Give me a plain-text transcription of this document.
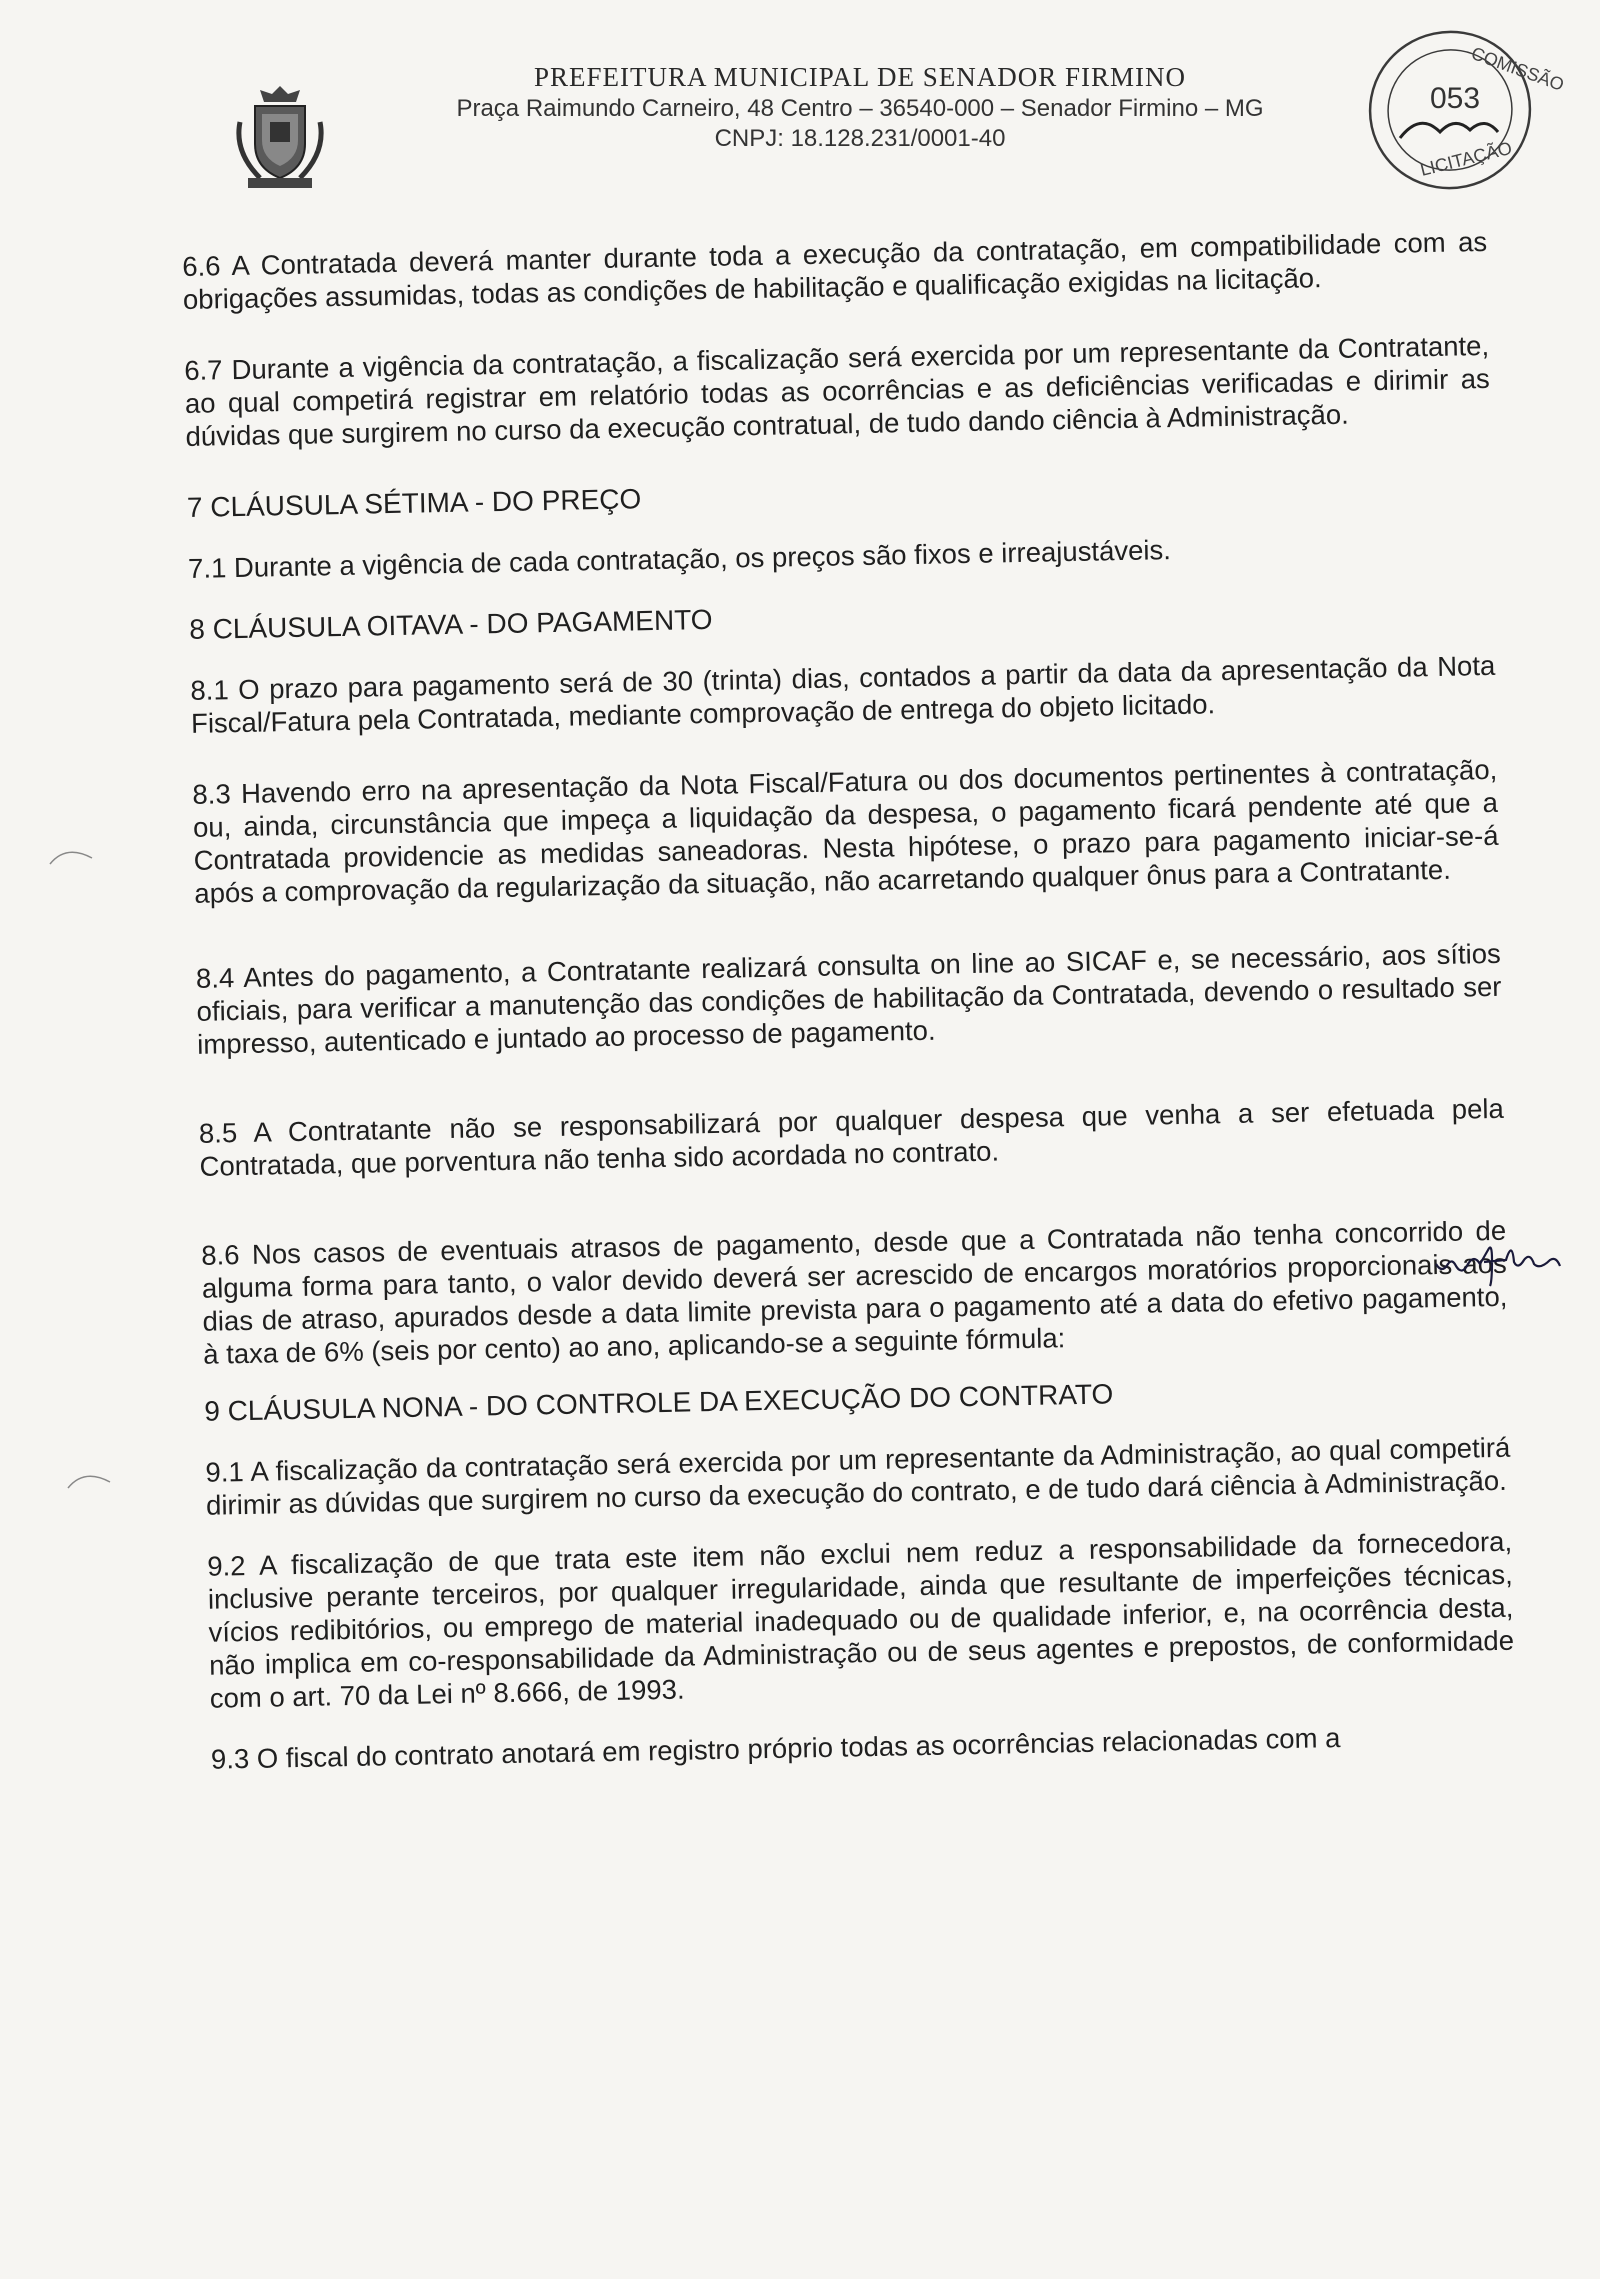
PREFEITURA MUNICIPAL DE SENADOR FIRMINO
Praça Raimundo Carneiro, 48 Centro – 36540-000 – Senador Firmino – MG
CNPJ: 18.128.231/0001-40
COMISSÃO
053
LICITAÇÃO

6.6 A Contratada deverá manter durante toda a execução da contratação, em compatibilidade com as obrigações assumidas, todas as condições de habilitação e qualificação exigidas na licitação.

6.7 Durante a vigência da contratação, a fiscalização será exercida por um representante da Contratante, ao qual competirá registrar em relatório todas as ocorrências e as deficiências verificadas e dirimir as dúvidas que surgirem no curso da execução contratual, de tudo dando ciência à Administração.

7 CLÁUSULA SÉTIMA - DO PREÇO

7.1 Durante a vigência de cada contratação, os preços são fixos e irreajustáveis.

8 CLÁUSULA OITAVA - DO PAGAMENTO

8.1 O prazo para pagamento será de 30 (trinta) dias, contados a partir da data da apresentação da Nota Fiscal/Fatura pela Contratada, mediante comprovação de entrega do objeto licitado.

8.3 Havendo erro na apresentação da Nota Fiscal/Fatura ou dos documentos pertinentes à contratação, ou, ainda, circunstância que impeça a liquidação da despesa, o pagamento ficará pendente até que a Contratada providencie as medidas saneadoras. Nesta hipótese, o prazo para pagamento iniciar-se-á após a comprovação da regularização da situação, não acarretando qualquer ônus para a Contratante.

8.4 Antes do pagamento, a Contratante realizará consulta on line ao SICAF e, se necessário, aos sítios oficiais, para verificar a manutenção das condições de habilitação da Contratada, devendo o resultado ser impresso, autenticado e juntado ao processo de pagamento.

8.5 A Contratante não se responsabilizará por qualquer despesa que venha a ser efetuada pela Contratada, que porventura não tenha sido acordada no contrato.

8.6 Nos casos de eventuais atrasos de pagamento, desde que a Contratada não tenha concorrido de alguma forma para tanto, o valor devido deverá ser acrescido de encargos moratórios proporcionais aos dias de atraso, apurados desde a data limite prevista para o pagamento até a data do efetivo pagamento, à taxa de 6% (seis por cento) ao ano, aplicando-se a seguinte fórmula:

9 CLÁUSULA NONA - DO CONTROLE DA EXECUÇÃO DO CONTRATO

9.1 A fiscalização da contratação será exercida por um representante da Administração, ao qual competirá dirimir as dúvidas que surgirem no curso da execução do contrato, e de tudo dará ciência à Administração.

9.2 A fiscalização de que trata este item não exclui nem reduz a responsabilidade da fornecedora, inclusive perante terceiros, por qualquer irregularidade, ainda que resultante de imperfeições técnicas, vícios redibitórios, ou emprego de material inadequado ou de qualidade inferior, e, na ocorrência desta, não implica em co-responsabilidade da Administração ou de seus agentes e prepostos, de conformidade com o art. 70 da Lei nº 8.666, de 1993.

9.3 O fiscal do contrato anotará em registro próprio todas as ocorrências relacionadas com a
